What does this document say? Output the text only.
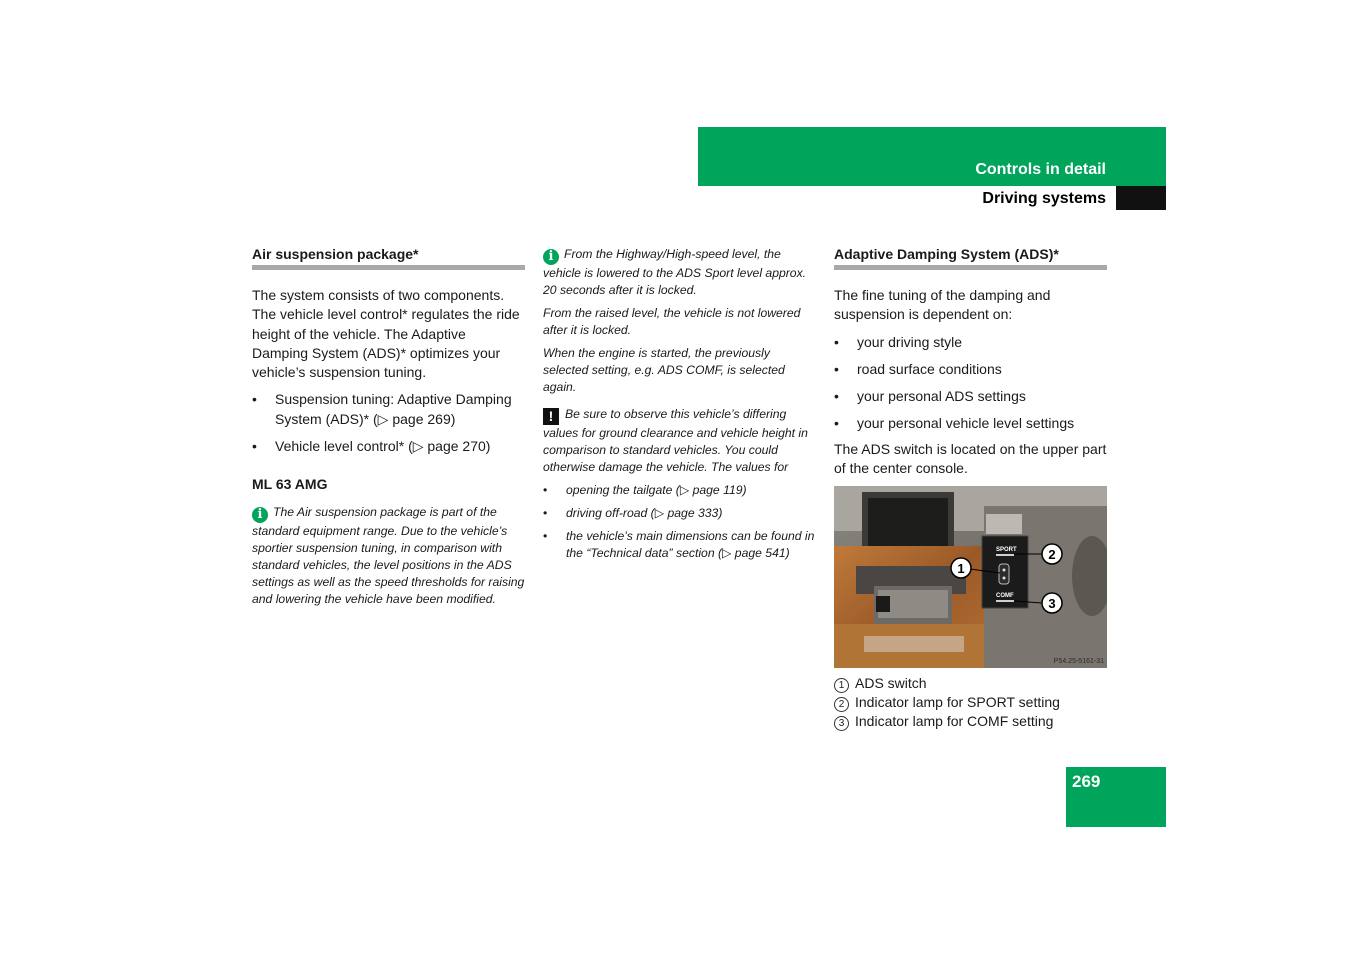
Controls in detail
Driving systems
Air suspension package*

The system consists of two components. The vehicle level control* regulates the ride height of the vehicle. The Adaptive Damping System (ADS)* optimizes your vehicle’s suspension tuning.

• Suspension tuning: Adaptive Damping System (ADS)* (▷ page 269)
• Vehicle level control* (▷ page 270)
ML 63 AMG

i The Air suspension package is part of the standard equipment range. Due to the vehicle’s sportier suspension tuning, in comparison with standard vehicles, the level positions in the ADS settings as well as the speed thresholds for raising and lowering the vehicle have been modified.

i From the Highway/High-speed level, the vehicle is lowered to the ADS Sport level approx. 20 seconds after it is locked.

From the raised level, the vehicle is not lowered after it is locked.

When the engine is started, the previously selected setting, e.g. ADS COMF, is selected again.

! Be sure to observe this vehicle’s differing values for ground clearance and vehicle height in comparison to standard vehicles. You could otherwise damage the vehicle. The values for

• opening the tailgate (▷ page 119)
• driving off-road (▷ page 333)
• the vehicle’s main dimensions can be found in the “Technical data” section (▷ page 541)
Adaptive Damping System (ADS)*

The fine tuning of the damping and suspension is dependent on:

• your driving style
• road surface conditions
• your personal ADS settings
• your personal vehicle level settings

The ADS switch is located on the upper part of the center console.

SPORT
COMF
1
2
3
P54.25-5161-31
1 ADS switch
2 Indicator lamp for SPORT setting
3 Indicator lamp for COMF setting
269
